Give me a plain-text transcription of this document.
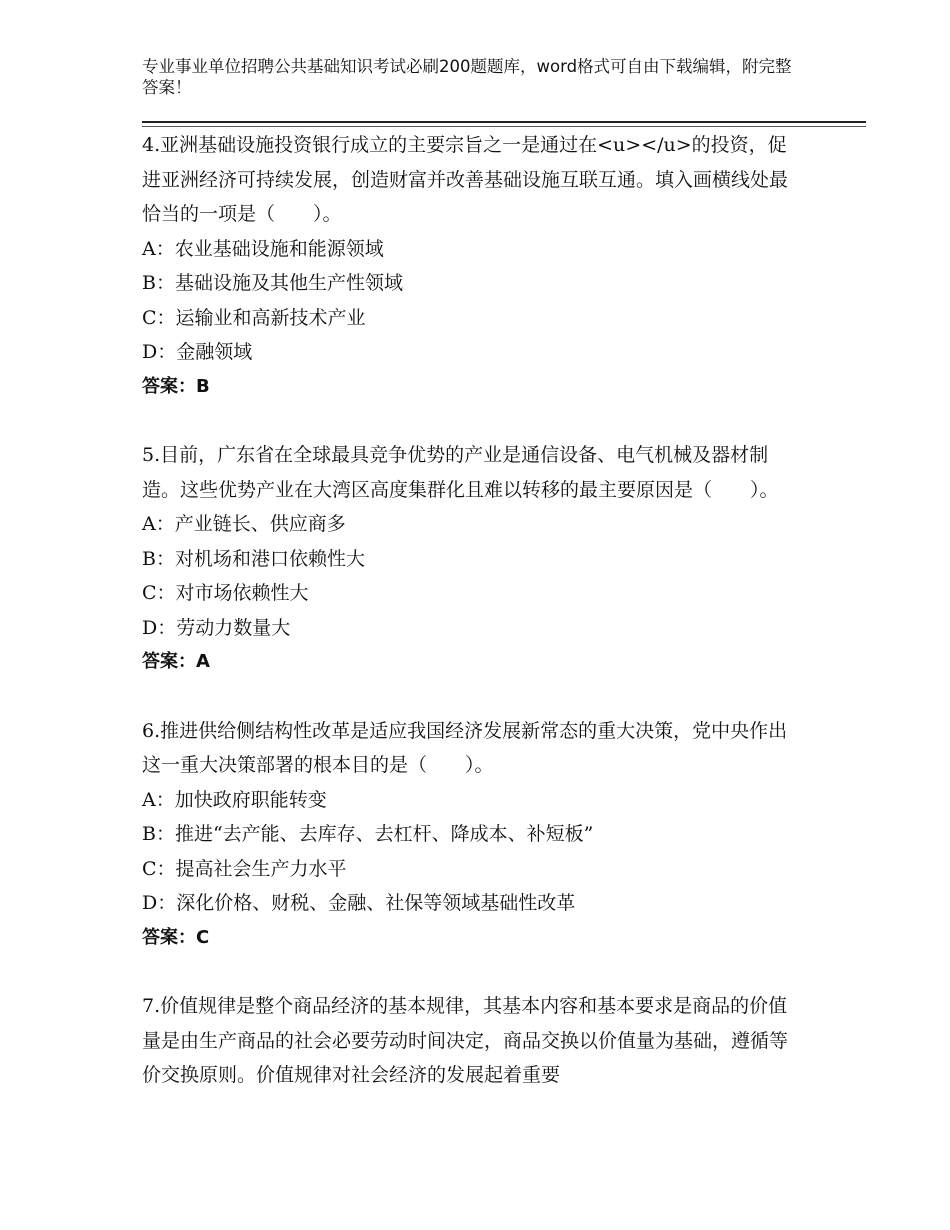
专业事业单位招聘公共基础知识考试必刷200题题库，word格式可自由下载编辑，附完整答案！

4.亚洲基础设施投资银行成立的主要宗旨之一是通过在<u></u>的投资，促进亚洲经济可持续发展，创造财富并改善基础设施互联互通。填入画横线处最恰当的一项是（　　）。

A：农业基础设施和能源领域

B：基础设施及其他生产性领域

C：运输业和高新技术产业

D：金融领域

答案：B

5.目前，广东省在全球最具竞争优势的产业是通信设备、电气机械及器材制造。这些优势产业在大湾区高度集群化且难以转移的最主要原因是（　　）。

A：产业链长、供应商多

B：对机场和港口依赖性大

C：对市场依赖性大

D：劳动力数量大

答案：A

6.推进供给侧结构性改革是适应我国经济发展新常态的重大决策，党中央作出这一重大决策部署的根本目的是（　　）。

A：加快政府职能转变

B：推进“去产能、去库存、去杠杆、降成本、补短板”

C：提高社会生产力水平

D：深化价格、财税、金融、社保等领域基础性改革

答案：C

7.价值规律是整个商品经济的基本规律，其基本内容和基本要求是商品的价值量是由生产商品的社会必要劳动时间决定，商品交换以价值量为基础，遵循等价交换原则。价值规律对社会经济的发展起着重要
